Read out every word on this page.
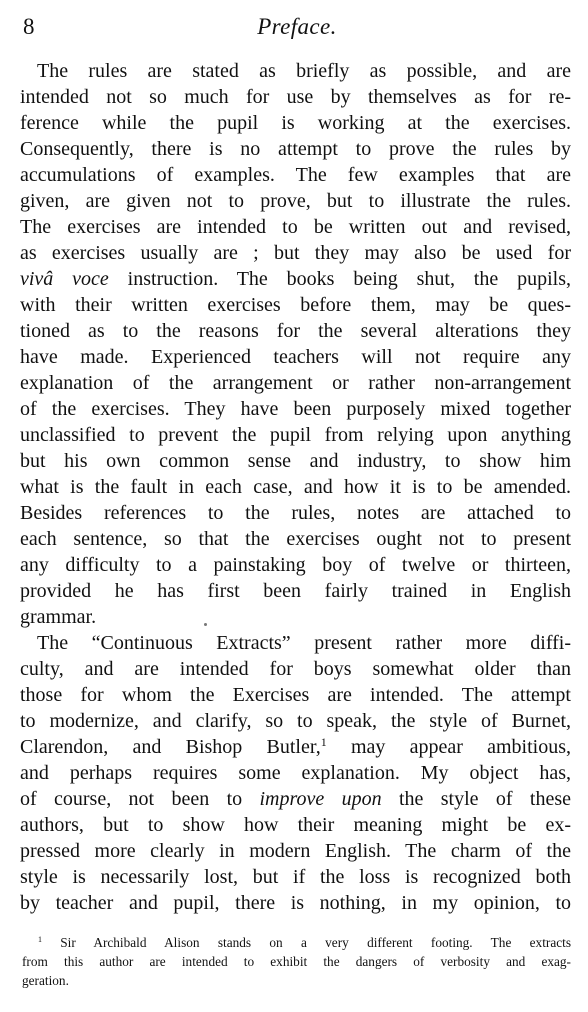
8	Preface.
The rules are stated as briefly as possible, and are
intended not so much for use by themselves as for re-
ference while the pupil is working at the exercises.
Consequently, there is no attempt to prove the rules by
accumulations of examples. The few examples that are
given, are given not to prove, but to illustrate the rules.
The exercises are intended to be written out and revised,
as exercises usually are ; but they may also be used for
vivâ voce instruction. The books being shut, the pupils,
with their written exercises before them, may be ques-
tioned as to the reasons for the several alterations they
have made. Experienced teachers will not require any
explanation of the arrangement or rather non-arrangement
of the exercises. They have been purposely mixed together
unclassified to prevent the pupil from relying upon anything
but his own common sense and industry, to show him
what is the fault in each case, and how it is to be amended.
Besides references to the rules, notes are attached to
each sentence, so that the exercises ought not to present
any difficulty to a painstaking boy of twelve or thirteen,
provided he has first been fairly trained in English
grammar.
The “Continuous Extracts” present rather more diffi-
culty, and are intended for boys somewhat older than
those for whom the Exercises are intended. The attempt
to modernize, and clarify, so to speak, the style of Burnet,
Clarendon, and Bishop Butler,$^1$ may appear ambitious,
and perhaps requires some explanation. My object has,
of course, not been to improve upon the style of these
authors, but to show how their meaning might be ex-
pressed more clearly in modern English. The charm of the
style is necessarily lost, but if the loss is recognized both
by teacher and pupil, there is nothing, in my opinion, to
$^1$ Sir Archibald Alison stands on a very different footing. The extracts
from this author are intended to exhibit the dangers of verbosity and exag-
geration.
